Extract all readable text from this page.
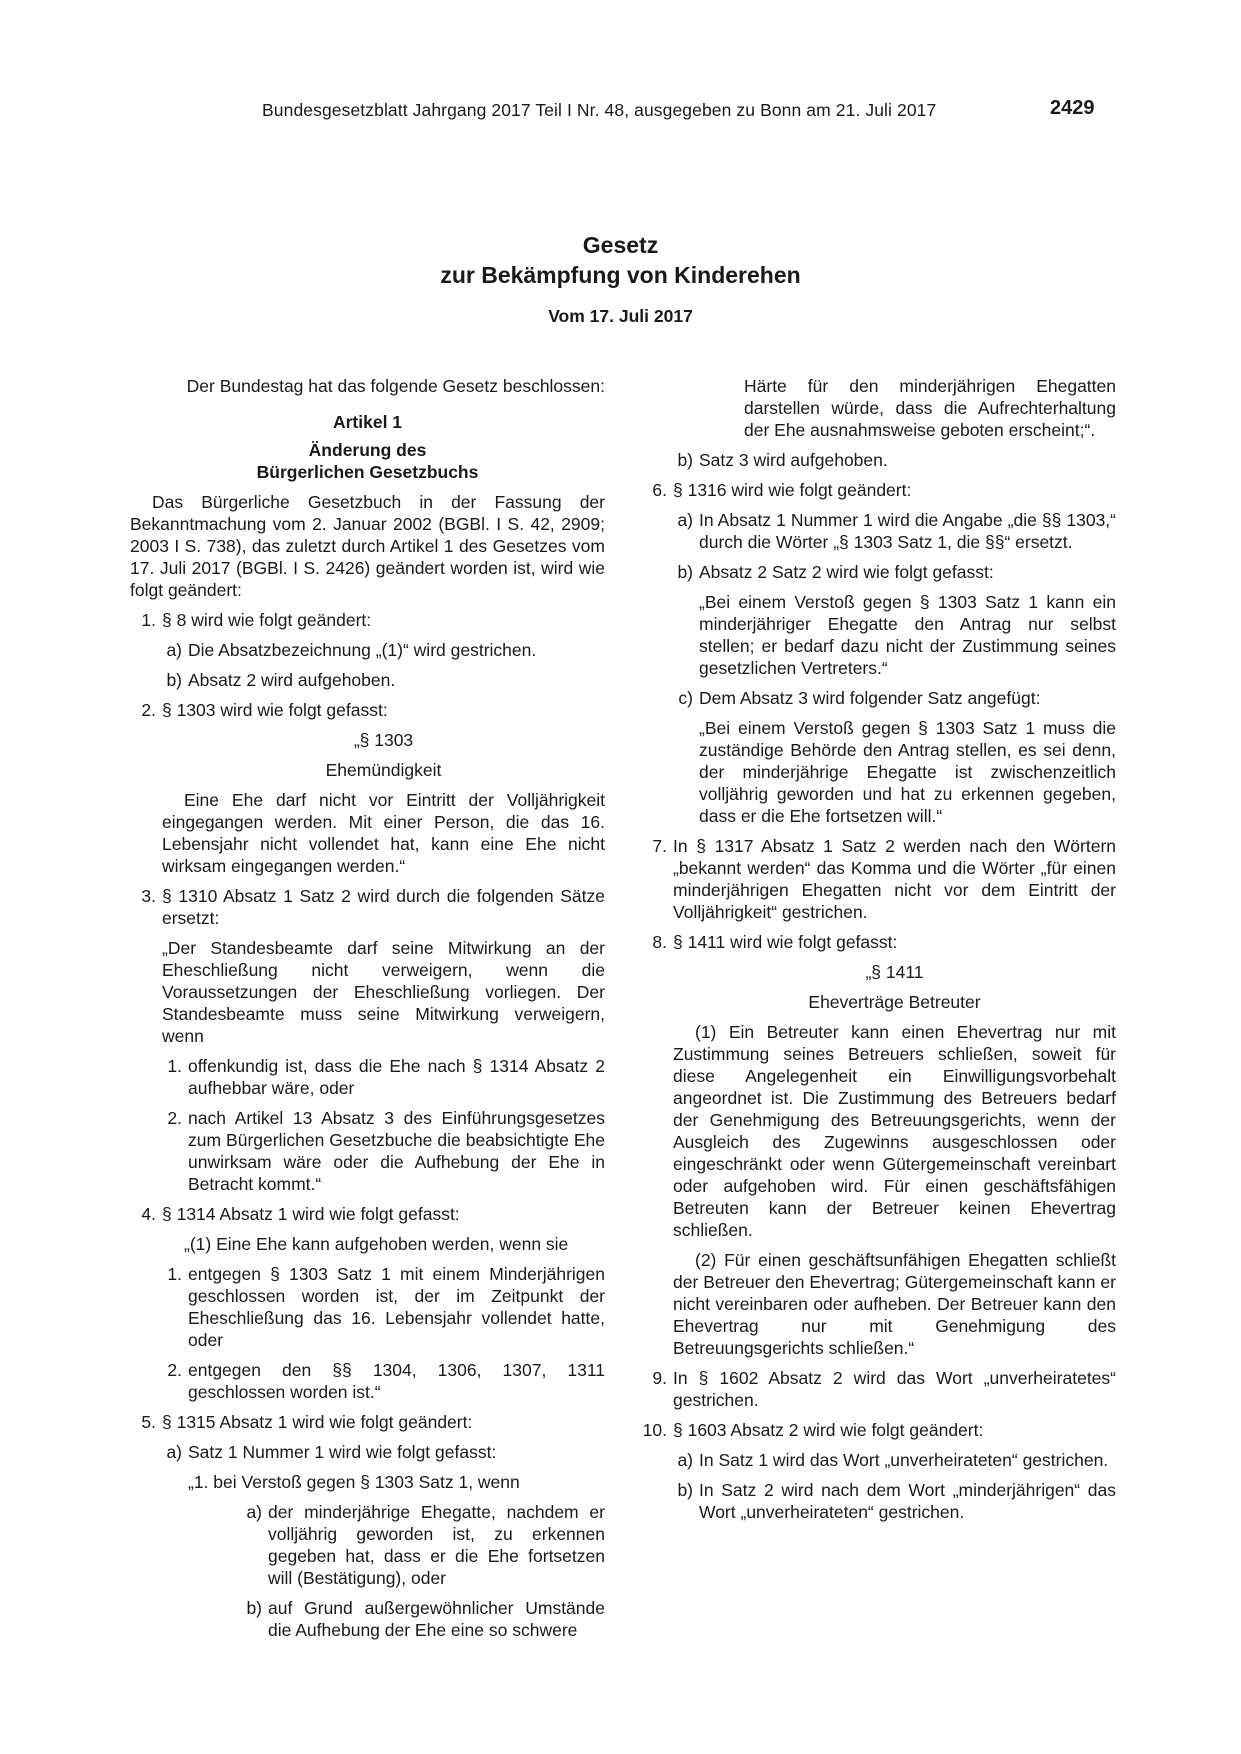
Bundesgesetzblatt Jahrgang 2017 Teil I Nr. 48, ausgegeben zu Bonn am 21. Juli 2017	2429
Gesetz
zur Bekämpfung von Kinderehen
Vom 17. Juli 2017

Der Bundestag hat das folgende Gesetz beschlossen:

Artikel 1
Änderung des
Bürgerlichen Gesetzbuchs

Das Bürgerliche Gesetzbuch in der Fassung der Bekanntmachung vom 2. Januar 2002 (BGBl. I S. 42, 2909; 2003 I S. 738), das zuletzt durch Artikel 1 des Gesetzes vom 17. Juli 2017 (BGBl. I S. 2426) geändert worden ist, wird wie folgt geändert:

1. § 8 wird wie folgt geändert:
a) Die Absatzbezeichnung „(1)“ wird gestrichen.
b) Absatz 2 wird aufgehoben.
2. § 1303 wird wie folgt gefasst:
„§ 1303
Ehemündigkeit

Eine Ehe darf nicht vor Eintritt der Volljährigkeit eingegangen werden. Mit einer Person, die das 16. Lebensjahr nicht vollendet hat, kann eine Ehe nicht wirksam eingegangen werden.“

3. § 1310 Absatz 1 Satz 2 wird durch die folgenden Sätze ersetzt:

„Der Standesbeamte darf seine Mitwirkung an der Eheschließung nicht verweigern, wenn die Voraussetzungen der Eheschließung vorliegen. Der Standesbeamte muss seine Mitwirkung verweigern, wenn

1. offenkundig ist, dass die Ehe nach § 1314 Absatz 2 aufhebbar wäre, oder
2. nach Artikel 13 Absatz 3 des Einführungsgesetzes zum Bürgerlichen Gesetzbuche die beabsichtigte Ehe unwirksam wäre oder die Aufhebung der Ehe in Betracht kommt.“
4. § 1314 Absatz 1 wird wie folgt gefasst:

„(1) Eine Ehe kann aufgehoben werden, wenn sie

1. entgegen § 1303 Satz 1 mit einem Minderjährigen geschlossen worden ist, der im Zeitpunkt der Eheschließung das 16. Lebensjahr vollendet hatte, oder
2. entgegen den §§ 1304, 1306, 1307, 1311 geschlossen worden ist.“
5. § 1315 Absatz 1 wird wie folgt geändert:
a) Satz 1 Nummer 1 wird wie folgt gefasst:

„1. bei Verstoß gegen § 1303 Satz 1, wenn

a) der minderjährige Ehegatte, nachdem er volljährig geworden ist, zu erkennen gegeben hat, dass er die Ehe fortsetzen will (Bestätigung), oder
b) auf Grund außergewöhnlicher Umstände die Aufhebung der Ehe eine so schwere

Härte für den minderjährigen Ehegatten darstellen würde, dass die Aufrechterhaltung der Ehe ausnahmsweise geboten erscheint;“.

b) Satz 3 wird aufgehoben.
6. § 1316 wird wie folgt geändert:
a) In Absatz 1 Nummer 1 wird die Angabe „die §§ 1303,“ durch die Wörter „§ 1303 Satz 1, die §§“ ersetzt.
b) Absatz 2 Satz 2 wird wie folgt gefasst:

„Bei einem Verstoß gegen § 1303 Satz 1 kann ein minderjähriger Ehegatte den Antrag nur selbst stellen; er bedarf dazu nicht der Zustimmung seines gesetzlichen Vertreters.“

c) Dem Absatz 3 wird folgender Satz angefügt:

„Bei einem Verstoß gegen § 1303 Satz 1 muss die zuständige Behörde den Antrag stellen, es sei denn, der minderjährige Ehegatte ist zwischenzeitlich volljährig geworden und hat zu erkennen gegeben, dass er die Ehe fortsetzen will.“

7. In § 1317 Absatz 1 Satz 2 werden nach den Wörtern „bekannt werden“ das Komma und die Wörter „für einen minderjährigen Ehegatten nicht vor dem Eintritt der Volljährigkeit“ gestrichen.
8. § 1411 wird wie folgt gefasst:
„§ 1411
Eheverträge Betreuter

(1) Ein Betreuter kann einen Ehevertrag nur mit Zustimmung seines Betreuers schließen, soweit für diese Angelegenheit ein Einwilligungsvorbehalt angeordnet ist. Die Zustimmung des Betreuers bedarf der Genehmigung des Betreuungsgerichts, wenn der Ausgleich des Zugewinns ausgeschlossen oder eingeschränkt oder wenn Gütergemeinschaft vereinbart oder aufgehoben wird. Für einen geschäftsfähigen Betreuten kann der Betreuer keinen Ehevertrag schließen.

(2) Für einen geschäftsunfähigen Ehegatten schließt der Betreuer den Ehevertrag; Gütergemeinschaft kann er nicht vereinbaren oder aufheben. Der Betreuer kann den Ehevertrag nur mit Genehmigung des Betreuungsgerichts schließen.“

9. In § 1602 Absatz 2 wird das Wort „unverheiratetes“ gestrichen.
10. § 1603 Absatz 2 wird wie folgt geändert:
a) In Satz 1 wird das Wort „unverheirateten“ gestrichen.
b) In Satz 2 wird nach dem Wort „minderjährigen“ das Wort „unverheirateten“ gestrichen.
